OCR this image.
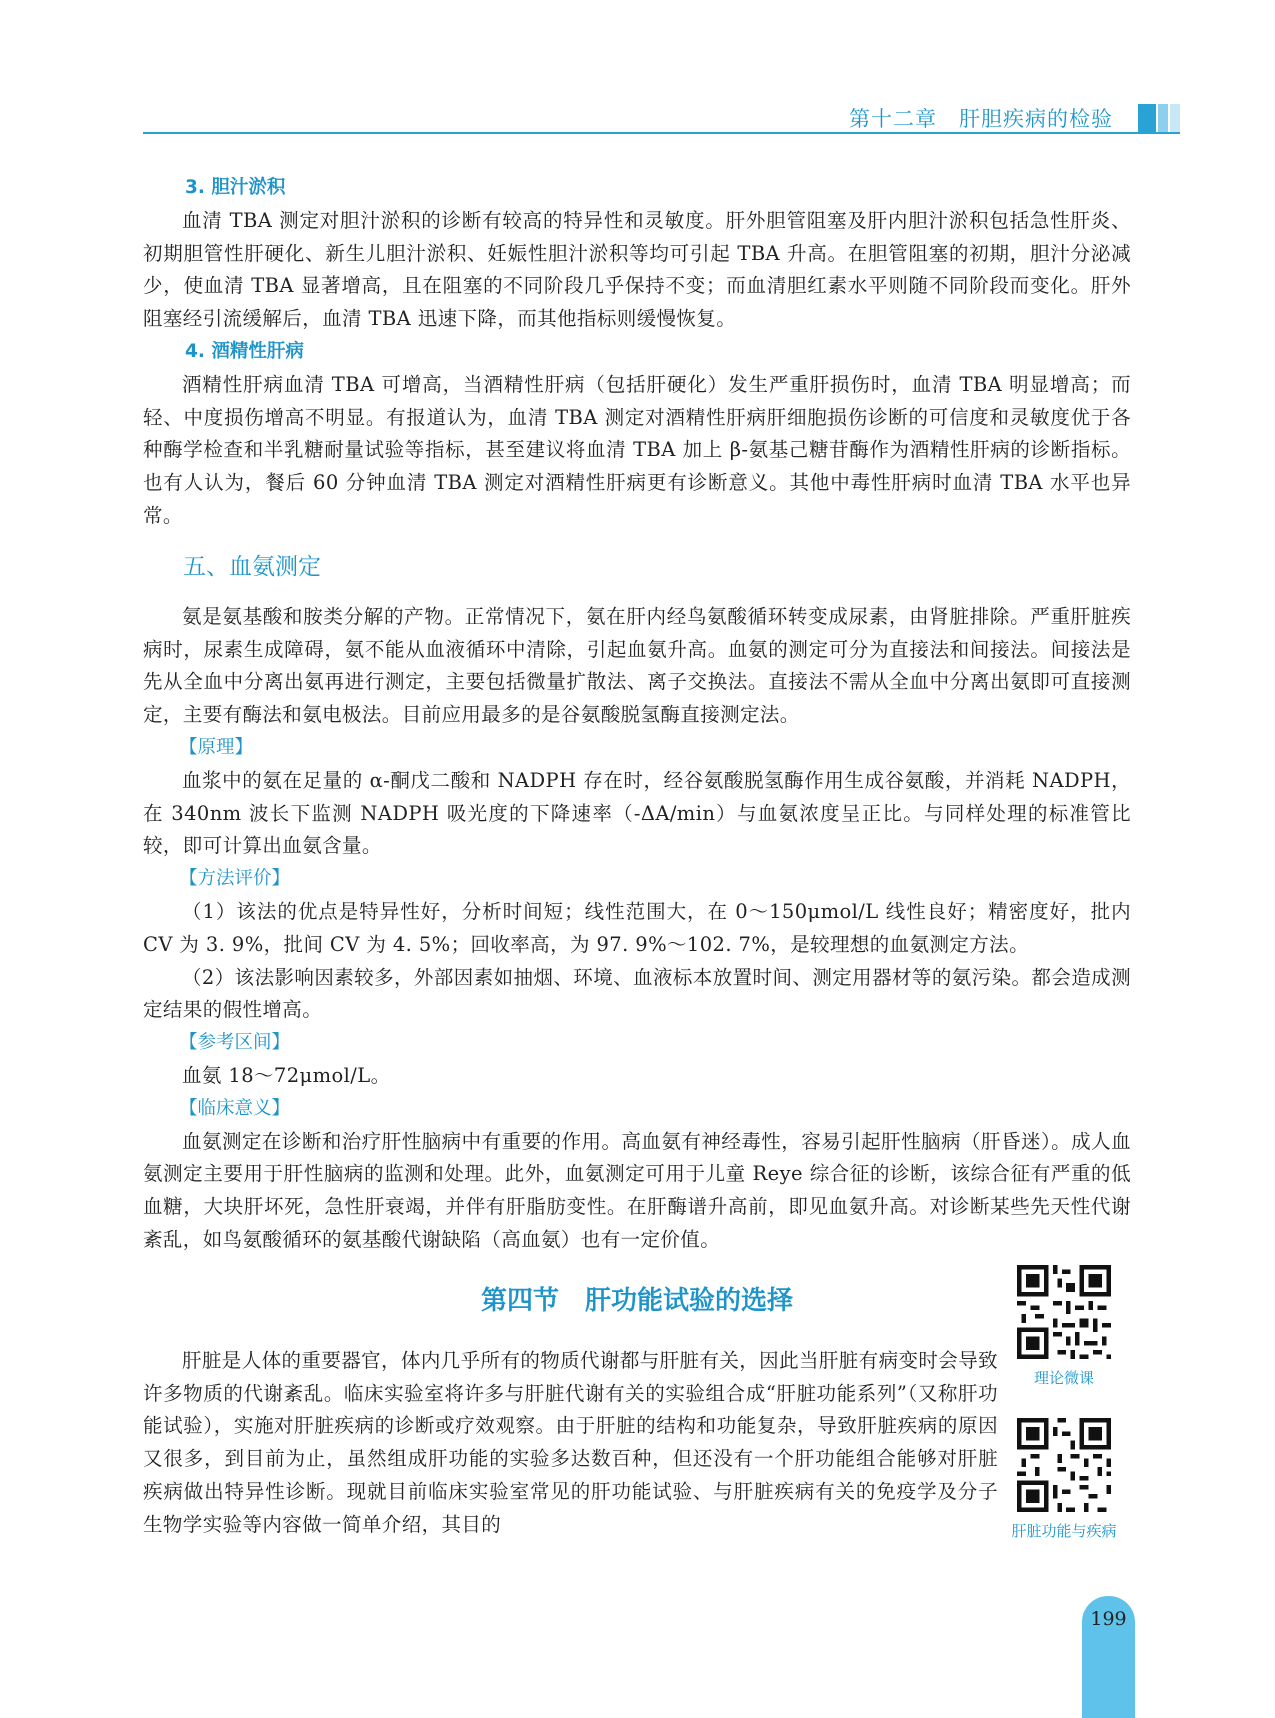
第十二章　肝胆疾病的检验

3. 胆汁淤积

血清 TBA 测定对胆汁淤积的诊断有较高的特异性和灵敏度。肝外胆管阻塞及肝内胆汁淤积包括急性肝炎、初期胆管性肝硬化、新生儿胆汁淤积、妊娠性胆汁淤积等均可引起 TBA 升高。在胆管阻塞的初期，胆汁分泌减少，使血清 TBA 显著增高，且在阻塞的不同阶段几乎保持不变；而血清胆红素水平则随不同阶段而变化。肝外阻塞经引流缓解后，血清 TBA 迅速下降，而其他指标则缓慢恢复。

4. 酒精性肝病

酒精性肝病血清 TBA 可增高，当酒精性肝病（包括肝硬化）发生严重肝损伤时，血清 TBA 明显增高；而轻、中度损伤增高不明显。有报道认为，血清 TBA 测定对酒精性肝病肝细胞损伤诊断的可信度和灵敏度优于各种酶学检查和半乳糖耐量试验等指标，甚至建议将血清 TBA 加上 β-氨基己糖苷酶作为酒精性肝病的诊断指标。也有人认为，餐后 60 分钟血清 TBA 测定对酒精性肝病更有诊断意义。其他中毒性肝病时血清 TBA 水平也异常。

五、血氨测定

氨是氨基酸和胺类分解的产物。正常情况下，氨在肝内经鸟氨酸循环转变成尿素，由肾脏排除。严重肝脏疾病时，尿素生成障碍，氨不能从血液循环中清除，引起血氨升高。血氨的测定可分为直接法和间接法。间接法是先从全血中分离出氨再进行测定，主要包括微量扩散法、离子交换法。直接法不需从全血中分离出氨即可直接测定，主要有酶法和氨电极法。目前应用最多的是谷氨酸脱氢酶直接测定法。

【原理】

血浆中的氨在足量的 α-酮戊二酸和 NADPH 存在时，经谷氨酸脱氢酶作用生成谷氨酸，并消耗 NADPH，在 340nm 波长下监测 NADPH 吸光度的下降速率（-ΔA/min）与血氨浓度呈正比。与同样处理的标准管比较，即可计算出血氨含量。

【方法评价】

（1）该法的优点是特异性好，分析时间短；线性范围大，在 0～150μmol/L 线性良好；精密度好，批内 CV 为 3. 9%，批间 CV 为 4. 5%；回收率高，为 97. 9%～102. 7%，是较理想的血氨测定方法。

（2）该法影响因素较多，外部因素如抽烟、环境、血液标本放置时间、测定用器材等的氨污染。都会造成测定结果的假性增高。

【参考区间】

血氨 18～72μmol/L。

【临床意义】

血氨测定在诊断和治疗肝性脑病中有重要的作用。高血氨有神经毒性，容易引起肝性脑病（肝昏迷）。成人血氨测定主要用于肝性脑病的监测和处理。此外，血氨测定可用于儿童 Reye 综合征的诊断，该综合征有严重的低血糖，大块肝坏死，急性肝衰竭，并伴有肝脂肪变性。在肝酶谱升高前，即见血氨升高。对诊断某些先天性代谢紊乱，如鸟氨酸循环的氨基酸代谢缺陷（高血氨）也有一定价值。

第四节　肝功能试验的选择

肝脏是人体的重要器官，体内几乎所有的物质代谢都与肝脏有关，因此当肝脏有病变时会导致许多物质的代谢紊乱。临床实验室将许多与肝脏代谢有关的实验组合成“肝脏功能系列”（又称肝功能试验），实施对肝脏疾病的诊断或疗效观察。由于肝脏的结构和功能复杂，导致肝脏疾病的原因又很多，到目前为止，虽然组成肝功能的实验多达数百种，但还没有一个肝功能组合能够对肝脏疾病做出特异性诊断。现就目前临床实验室常见的肝功能试验、与肝脏疾病有关的免疫学及分子生物学实验等内容做一简单介绍，其目的

理论微课
肝脏功能与疾病
199
